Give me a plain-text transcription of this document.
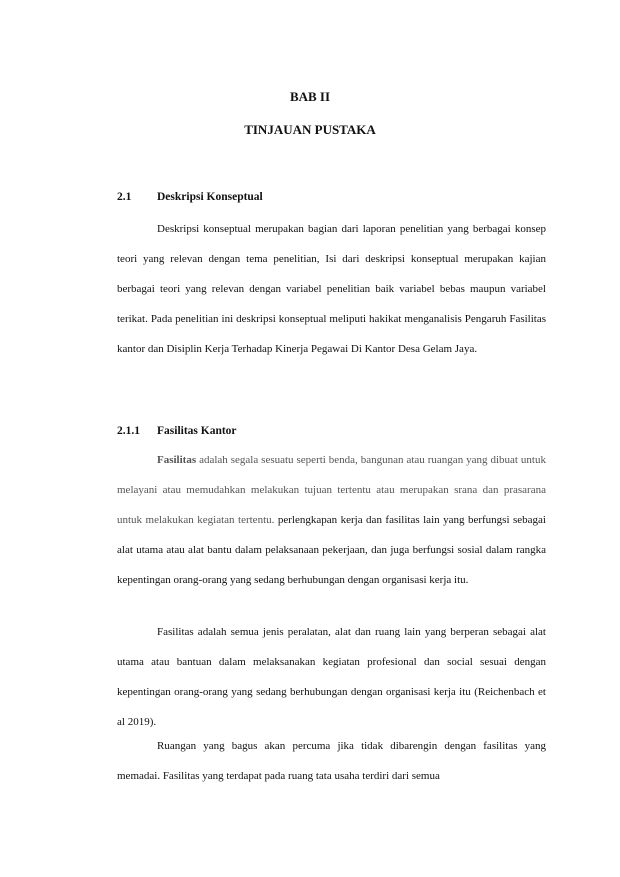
BAB II
TINJAUAN PUSTAKA
2.1 Deskripsi Konseptual

Deskripsi konseptual merupakan bagian dari laporan penelitian yang berbagai konsep teori yang relevan dengan tema penelitian, Isi dari deskripsi konseptual merupakan kajian berbagai teori yang relevan dengan variabel penelitian baik variabel bebas maupun variabel terikat. Pada penelitian ini deskripsi konseptual meliputi hakikat menganalisis Pengaruh Fasilitas kantor dan Disiplin Kerja Terhadap Kinerja Pegawai Di Kantor Desa Gelam Jaya.

2.1.1 Fasilitas Kantor

Fasilitas adalah segala sesuatu seperti benda, bangunan atau ruangan yang dibuat untuk melayani atau memudahkan melakukan tujuan tertentu atau merupakan srana dan prasarana untuk melakukan kegiatan tertentu. perlengkapan kerja dan fasilitas lain yang berfungsi sebagai alat utama atau alat bantu dalam pelaksanaan pekerjaan, dan juga berfungsi sosial dalam rangka kepentingan orang-orang yang sedang berhubungan dengan organisasi kerja itu.

Fasilitas adalah semua jenis peralatan, alat dan ruang lain yang berperan sebagai alat utama atau bantuan dalam melaksanakan kegiatan profesional dan social sesuai dengan kepentingan orang-orang yang sedang berhubungan dengan organisasi kerja itu (Reichenbach et al 2019).

Ruangan yang bagus akan percuma jika tidak dibarengin dengan fasilitas yang memadai. Fasilitas yang terdapat pada ruang tata usaha terdiri dari semua
